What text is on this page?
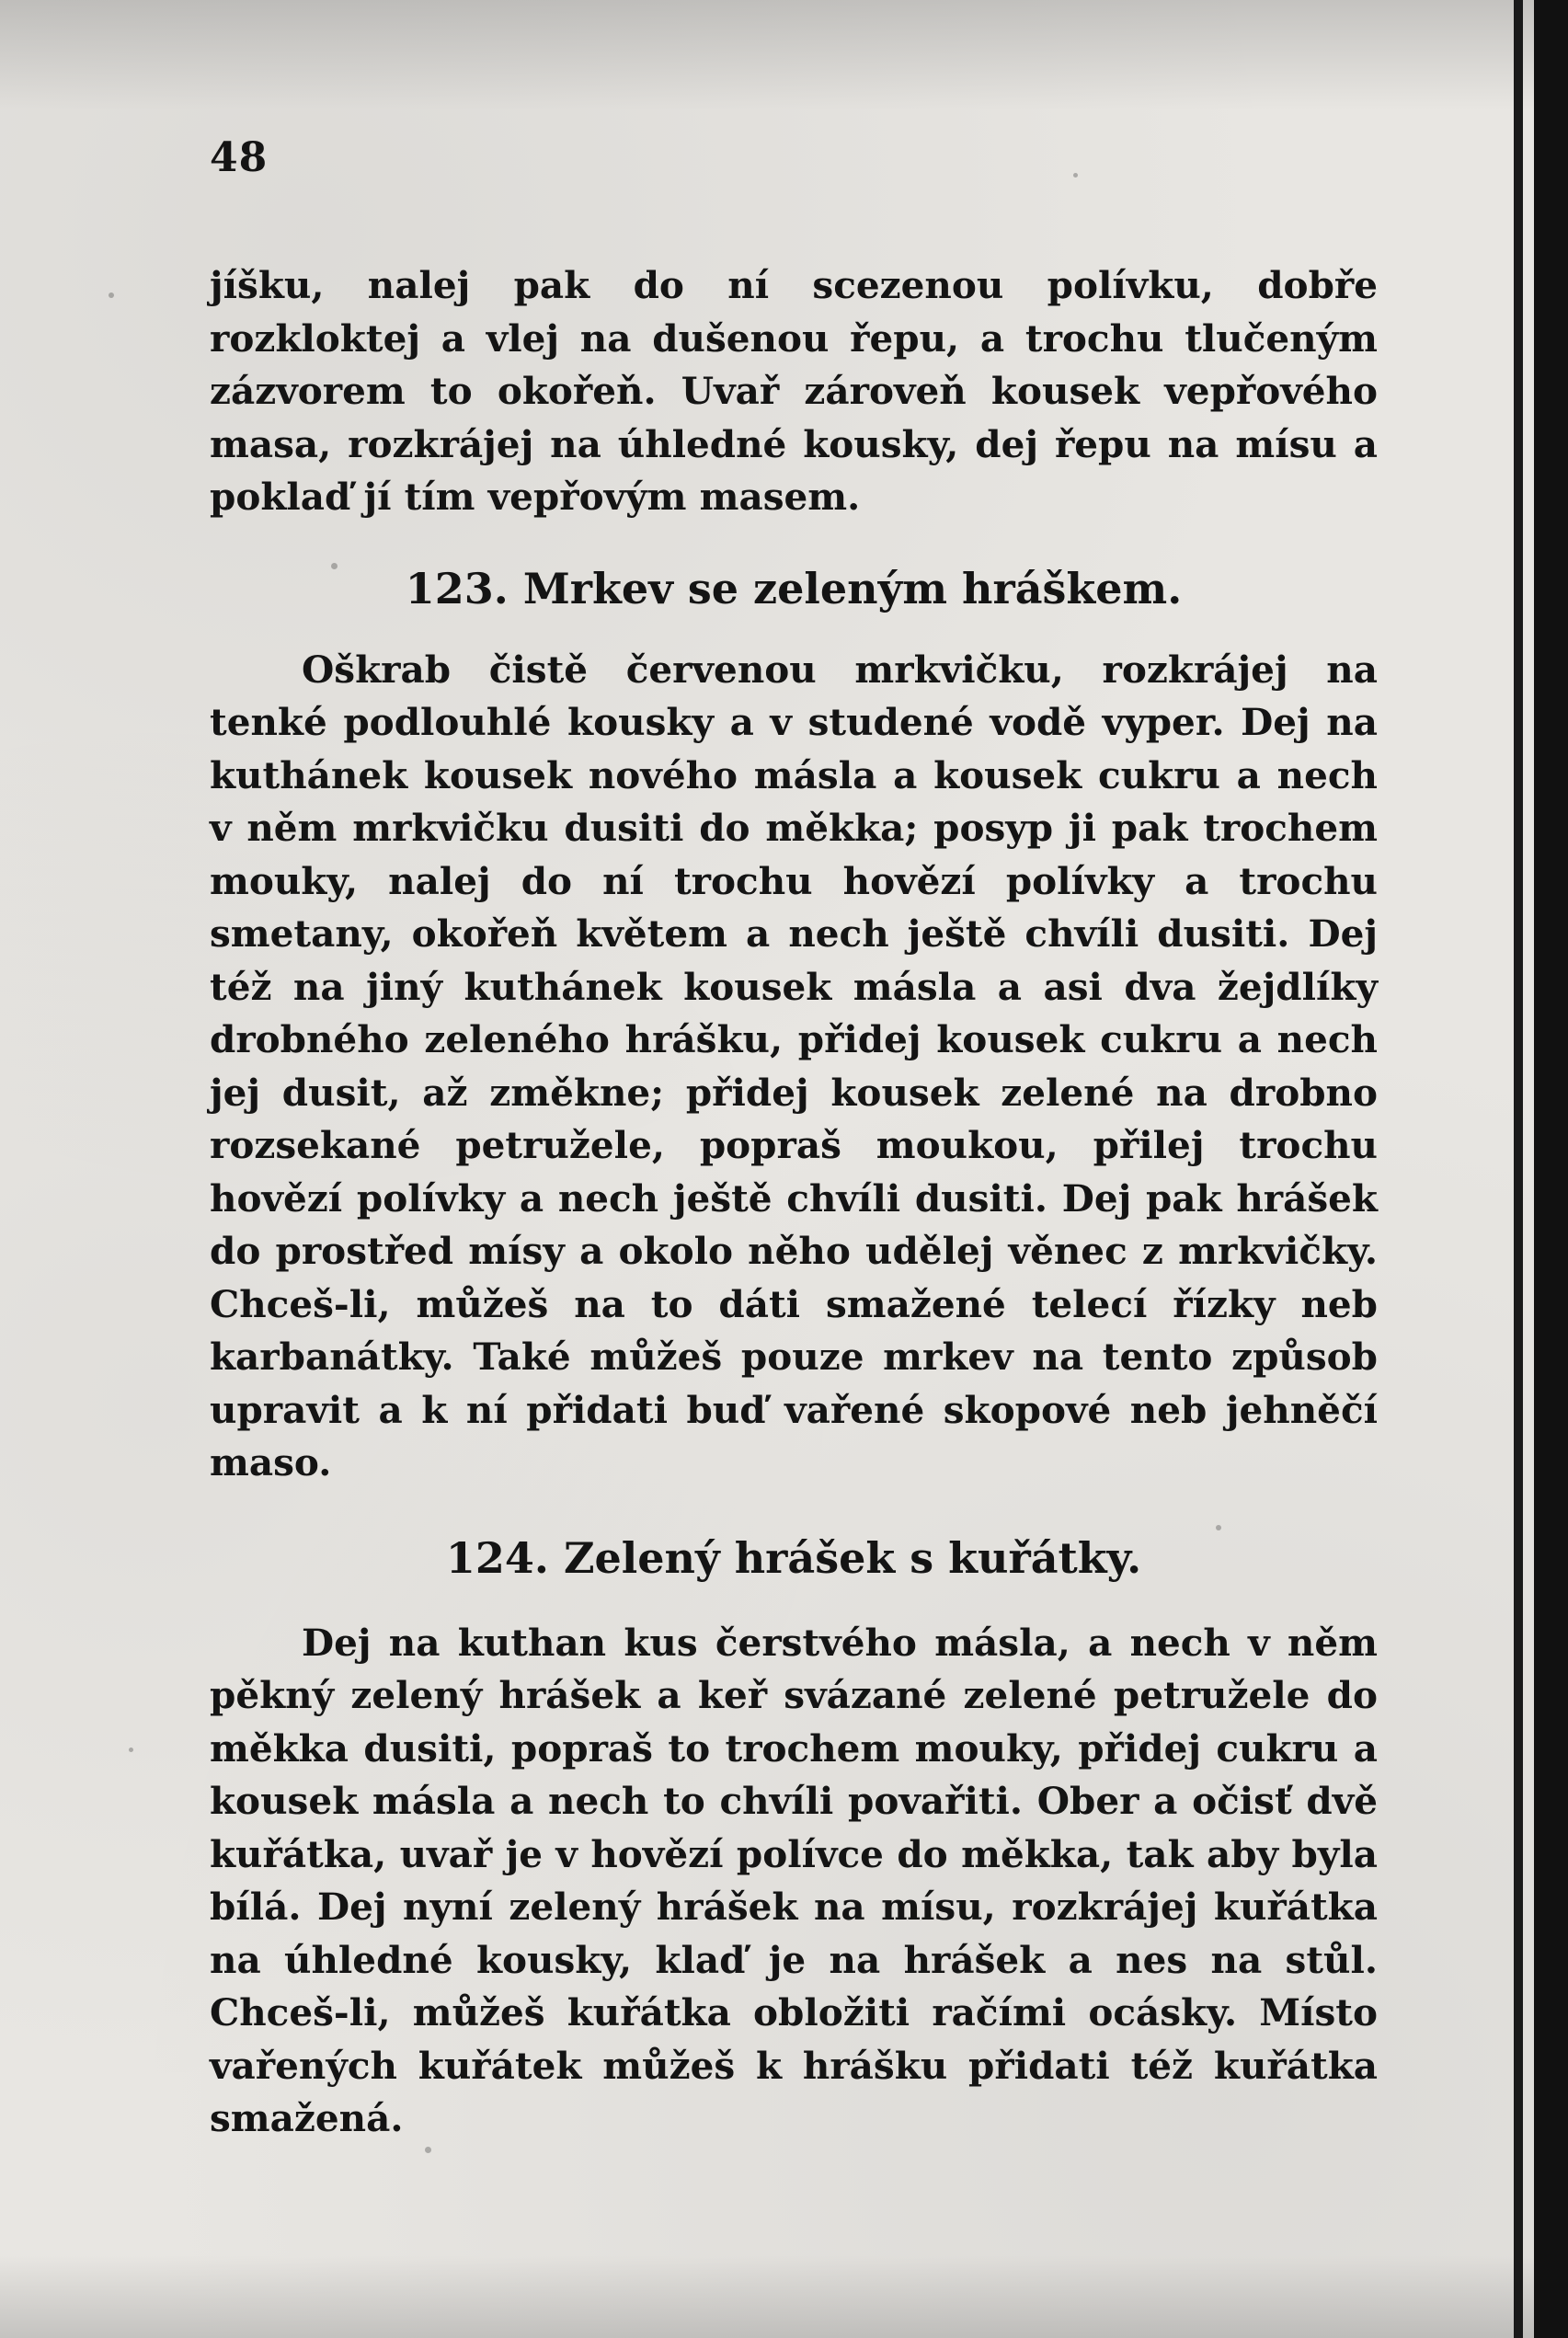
48

jíšku, nalej pak do ní scezenou polívku, dobře rozkloktej a vlej na dušenou řepu, a trochu tlučeným zázvorem to okořeň. Uvař zároveň kousek vepřového masa, rozkrájej na úhledné kousky, dej řepu na mísu a poklaď jí tím vepřovým masem.

123. Mrkev se zeleným hráškem.

Oškrab čistě červenou mrkvičku, rozkrájej na tenké podlouhlé kousky a v studené vodě vyper. Dej na kuthánek kousek nového másla a kousek cukru a nech v něm mrkvičku dusiti do měkka; posyp ji pak trochem mouky, nalej do ní trochu hovězí polívky a trochu smetany, okořeň květem a nech ještě chvíli dusiti. Dej též na jiný kuthánek kousek másla a asi dva žejdlíky drobného zeleného hrášku, přidej kousek cukru a nech jej dusit, až změkne; přidej kousek zelené na drobno rozsekané petružele, popraš moukou, přilej trochu hovězí polívky a nech ještě chvíli dusiti. Dej pak hrášek do prostřed mísy a okolo něho udělej věnec z mrkvičky. Chceš-li, můžeš na to dáti smažené telecí řízky neb karbanátky. Také můžeš pouze mrkev na tento způsob upravit a k ní přidati buď vařené skopové neb jehněčí maso.

124. Zelený hrášek s kuřátky.

Dej na kuthan kus čerstvého másla, a nech v něm pěkný zelený hrášek a keř svázané zelené petružele do měkka dusiti, popraš to trochem mouky, přidej cukru a kousek másla a nech to chvíli povařiti. Ober a očisť dvě kuřátka, uvař je v hovězí polívce do měkka, tak aby byla bílá. Dej nyní zelený hrášek na mísu, rozkrájej kuřátka na úhledné kousky, klaď je na hrášek a nes na stůl. Chceš-li, můžeš kuřátka obložiti račími ocásky. Místo vařených kuřátek můžeš k hrášku přidati též kuřátka smažená.
